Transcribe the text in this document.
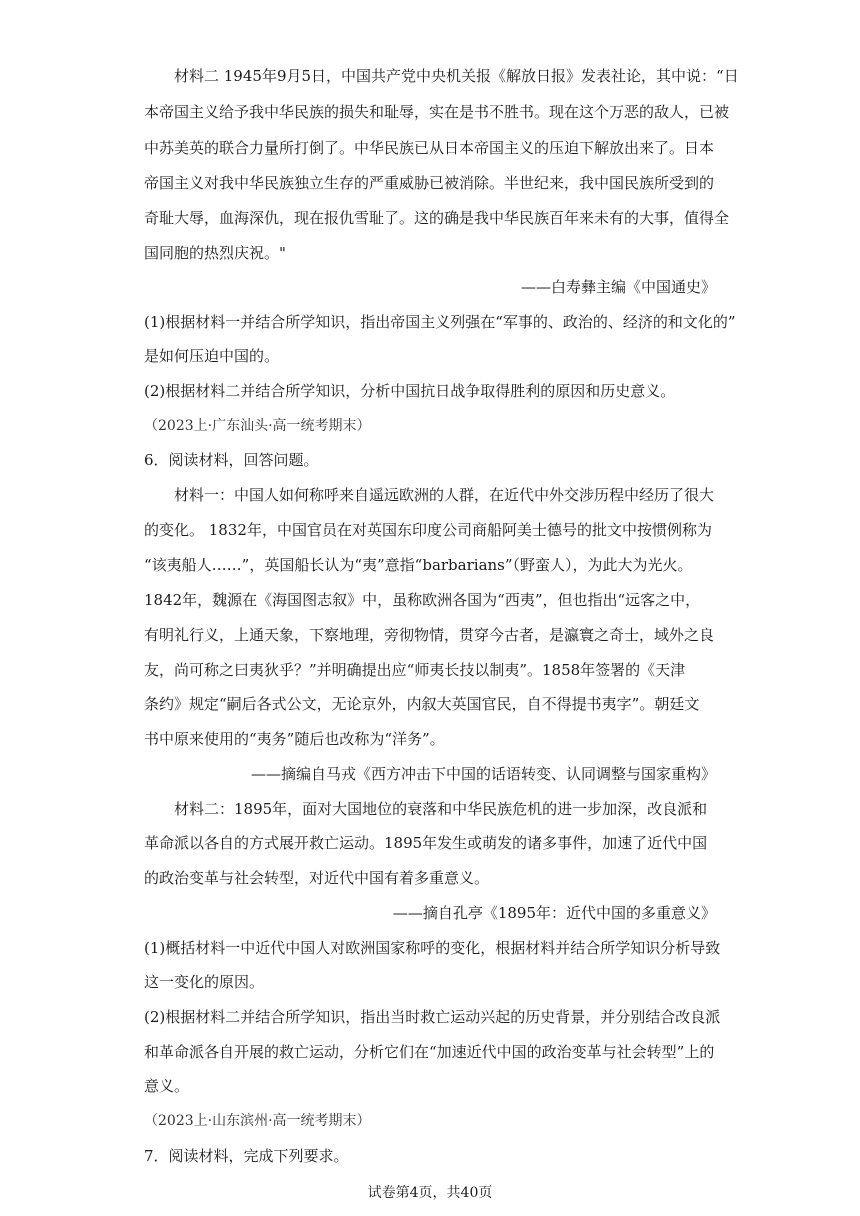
材料二 1945年9月5日，中国共产党中央机关报《解放日报》发表社论，其中说：“日
本帝国主义给予我中华民族的损失和耻辱，实在是书不胜书。现在这个万恶的敌人，已被
中苏美英的联合力量所打倒了。中华民族已从日本帝国主义的压迫下解放出来了。日本
帝国主义对我中华民族独立生存的严重威胁已被消除。半世纪来，我中国民族所受到的
奇耻大辱，血海深仇，现在报仇雪耻了。这的确是我中华民族百年来未有的大事，值得全
国同胞的热烈庆祝。"
——白寿彝主编《中国通史》
(1)根据材料一并结合所学知识，指出帝国主义列强在“军事的、政治的、经济的和文化的”
是如何压迫中国的。
(2)根据材料二并结合所学知识，分析中国抗日战争取得胜利的原因和历史意义。
（2023上·广东汕头·高一统考期末）
6．阅读材料，回答问题。
材料一：中国人如何称呼来自遥远欧洲的人群，在近代中外交涉历程中经历了很大
的变化。 1832年，中国官员在对英国东印度公司商船阿美士德号的批文中按惯例称为
“该夷船人……”，英国船长认为“夷”意指“barbarians”（野蛮人），为此大为光火。
1842年，魏源在《海国图志叙》中，虽称欧洲各国为“西夷”，但也指出“远客之中，
有明礼行义，上通天象，下察地理，旁彻物情，贯穿今古者，是瀛寰之奇士，域外之良
友，尚可称之曰夷狄乎？”并明确提出应“师夷长技以制夷”。1858年签署的《天津
条约》规定“嗣后各式公文，无论京外，内叙大英国官民，自不得提书夷字”。朝廷文
书中原来使用的“夷务”随后也改称为“洋务”。
——摘编自马戎《西方冲击下中国的话语转变、认同调整与国家重构》
材料二：1895年，面对大国地位的衰落和中华民族危机的进一步加深，改良派和
革命派以各自的方式展开救亡运动。1895年发生或萌发的诸多事件，加速了近代中国
的政治变革与社会转型，对近代中国有着多重意义。
——摘自孔亭《1895年：近代中国的多重意义》
(1)概括材料一中近代中国人对欧洲国家称呼的变化，根据材料并结合所学知识分析导致
这一变化的原因。
(2)根据材料二并结合所学知识，指出当时救亡运动兴起的历史背景，并分别结合改良派
和革命派各自开展的救亡运动，分析它们在“加速近代中国的政治变革与社会转型”上的
意义。
（2023上·山东滨州·高一统考期末）
7．阅读材料，完成下列要求。
试卷第4页，共40页
